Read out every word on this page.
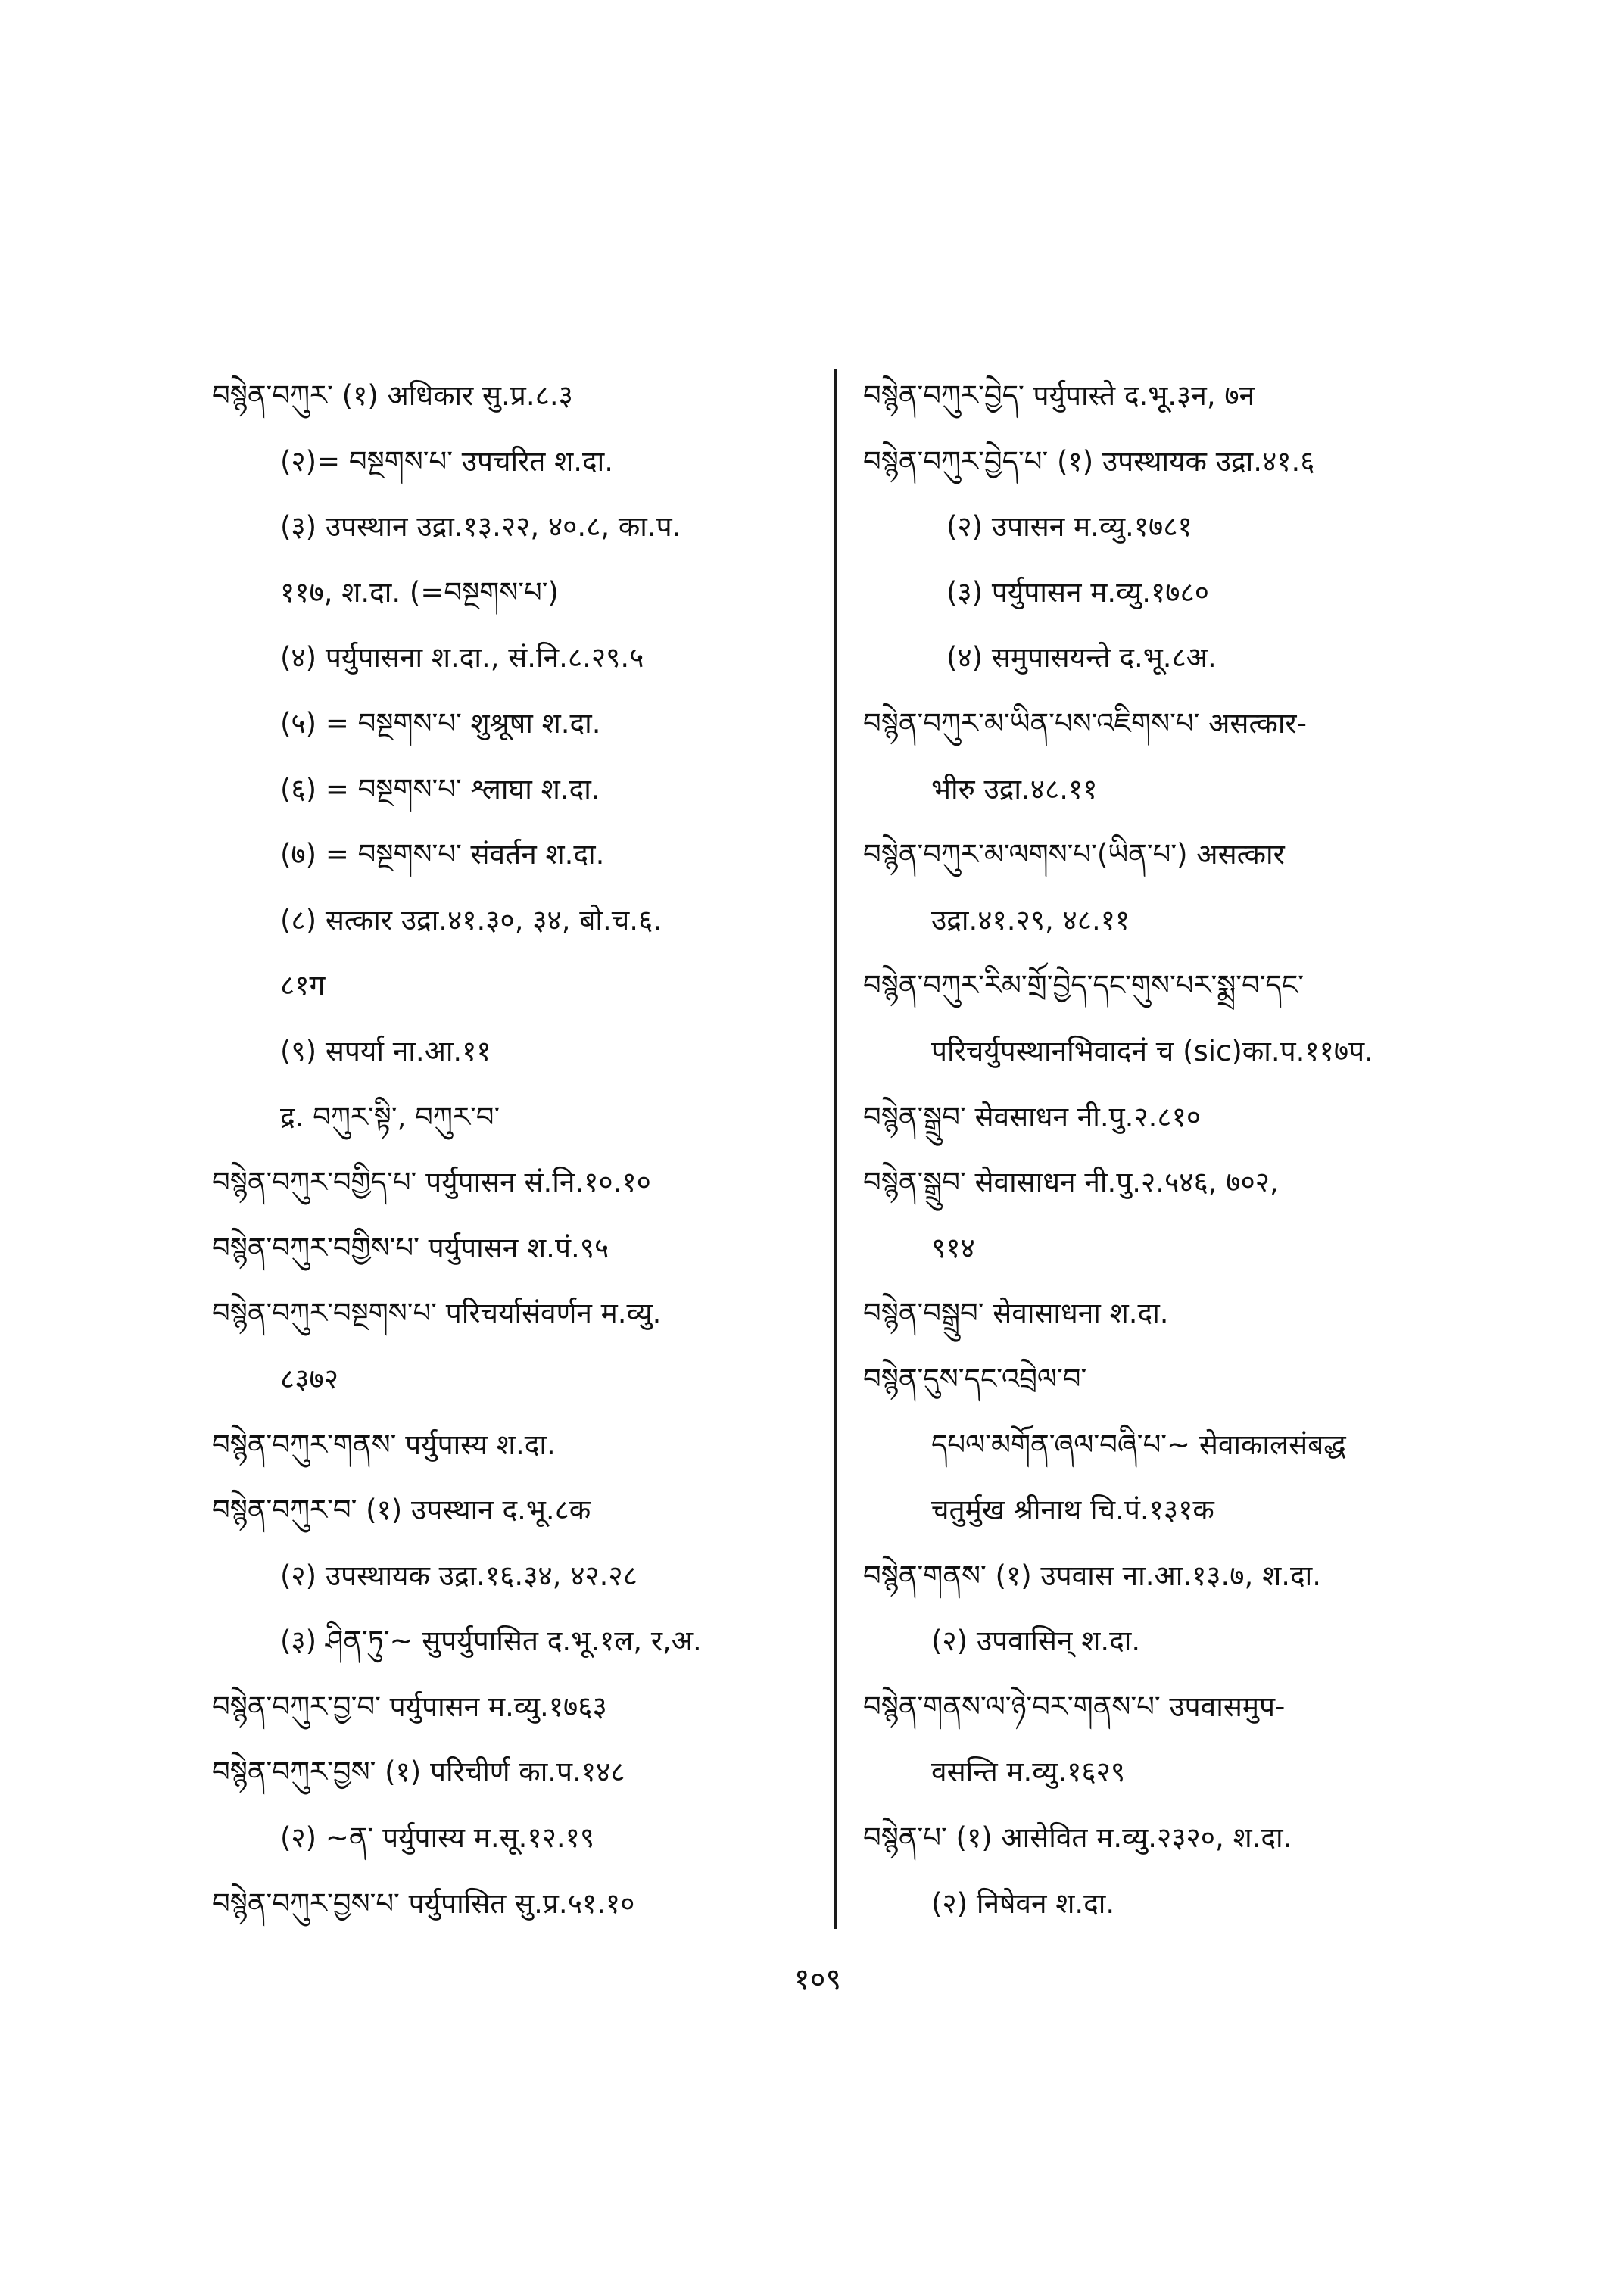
བསྙེན་བཀུར་ (१) अधिकार सु.प्र.८.३
(२)= བསྔགས་པ་ उपचरित श.दा.
(३) उपस्थान उद्रा.१३.२२, ४०.८, का.प.
११७, श.दा. (=བསྔགས་པ་)
(४) पर्युपासना श.दा., सं.नि.८.२९.५
(५) = བསྔགས་པ་ शुश्रूषा श.दा.
(६) = བསྔགས་པ་ श्लाघा श.दा.
(७) = བསྔགས་པ་ संवर्तन श.दा.
(८) सत्कार उद्रा.४१.३०, ३४, बो.च.६.
८१ग
(९) सपर्या ना.आ.११
द्र. བཀུར་སྟི་, བཀུར་བ་
བསྙེན་བཀུར་བགྱིད་པ་ पर्युपासन सं.नि.१०.१०
བསྙེན་བཀུར་བགྱིས་པ་ पर्युपासन श.पं.९५
བསྙེན་བཀུར་བསྔགས་པ་ परिचर्यासंवर्णन म.व्यु.
८३७२
བསྙེན་བཀུར་གནས་ पर्युपास्य श.दा.
བསྙེན་བཀུར་བ་ (१) उपस्थान द.भू.८क
(२) उपस्थायक उद्रा.१६.३४, ४२.२८
(३) ཤིན་ཏུ་~ सुपर्युपासित द.भू.१ल, र,अ.
བསྙེན་བཀུར་བྱ་བ་ पर्युपासन म.व्यु.१७६३
བསྙེན་བཀུར་བྱས་ (१) परिचीर्ण का.प.१४८
(२) ~ན་ पर्युपास्य म.सू.१२.१९
བསྙེན་བཀུར་བྱས་པ་ पर्युपासित सु.प्र.५१.१०
བསྙེན་བཀུར་བྱེད་ पर्युपास्ते द.भू.३न, ७न
བསྙེན་བཀུར་བྱེད་པ་ (१) उपस्थायक उद्रा.४१.६
(२) उपासन म.व्यु.१७८१
(३) पर्युपासन म.व्यु.१७८०
(४) समुपासयन्ते द.भू.८अ.
བསྙེན་བཀུར་མ་ཡིན་པས་འཇིགས་པ་ असत्कार-
भीरु उद्रा.४८.११
བསྙེན་བཀུར་མ་ལགས་པ་(ཡིན་པ་) असत्कार
उद्रा.४१.२९, ४८.११
བསྙེན་བཀུར་རིམ་གྲོ་བྱེད་དང་གུས་པར་སྨྲ་བ་དང་
परिचर्युपस्थानभिवादनं च (sic)का.प.११७प.
བསྙེན་སྒྲུབ་ सेवसाधन नी.पु.२.८१०
བསྙེན་སྒྲུབ་ सेवासाधन नी.पु.२.५४६, ७०२,
९१४
བསྙེན་བསྒྲུབ་ सेवासाधना श.दा.
བསྙེན་དུས་དང་འབྲེལ་བ་
དཔལ་མགོན་ཞལ་བཞི་པ་~ सेवाकालसंबद्ध
चतुर्मुख श्रीनाथ चि.पं.१३१क
བསྙེན་གནས་ (१) उपवास ना.आ.१३.७, श.दा.
(२) उपवासिन् श.दा.
བསྙེན་གནས་ལ་ཉེ་བར་གནས་པ་ उपवासमुप-
वसन्ति म.व्यु.१६२९
བསྙེན་པ་ (१) आसेवित म.व्यु.२३२०, श.दा.
(२) निषेवन श.दा.
१०९
